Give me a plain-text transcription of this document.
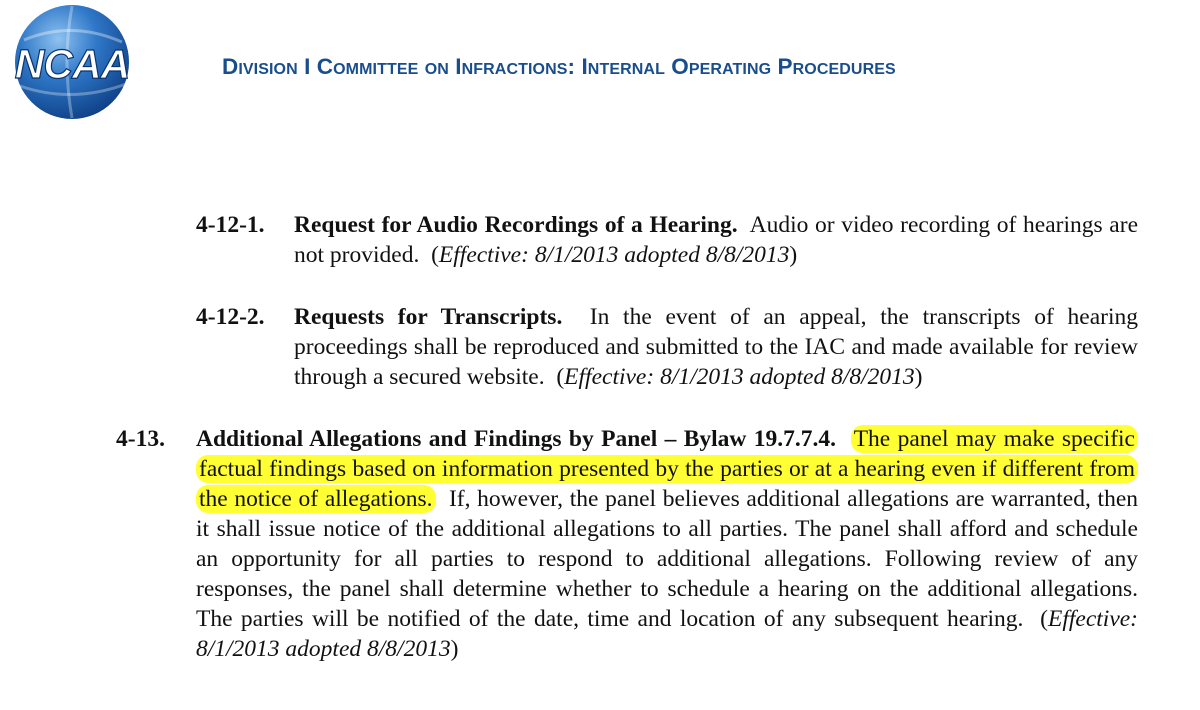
NCAA	Division I Committee on Infractions: Internal Operating Procedures
4-12-1. Request for Audio Recordings of a Hearing. Audio or video recording of hearings are not provided. (Effective: 8/1/2013 adopted 8/8/2013)
4-12-2. Requests for Transcripts. In the event of an appeal, the transcripts of hearing proceedings shall be reproduced and submitted to the IAC and made available for review through a secured website. (Effective: 8/1/2013 adopted 8/8/2013)
4-13. Additional Allegations and Findings by Panel – Bylaw 19.7.7.4. The panel may make specific factual findings based on information presented by the parties or at a hearing even if different from the notice of allegations. If, however, the panel believes additional allegations are warranted, then it shall issue notice of the additional allegations to all parties. The panel shall afford and schedule an opportunity for all parties to respond to additional allegations. Following review of any responses, the panel shall determine whether to schedule a hearing on the additional allegations. The parties will be notified of the date, time and location of any subsequent hearing. (Effective: 8/1/2013 adopted 8/8/2013)
